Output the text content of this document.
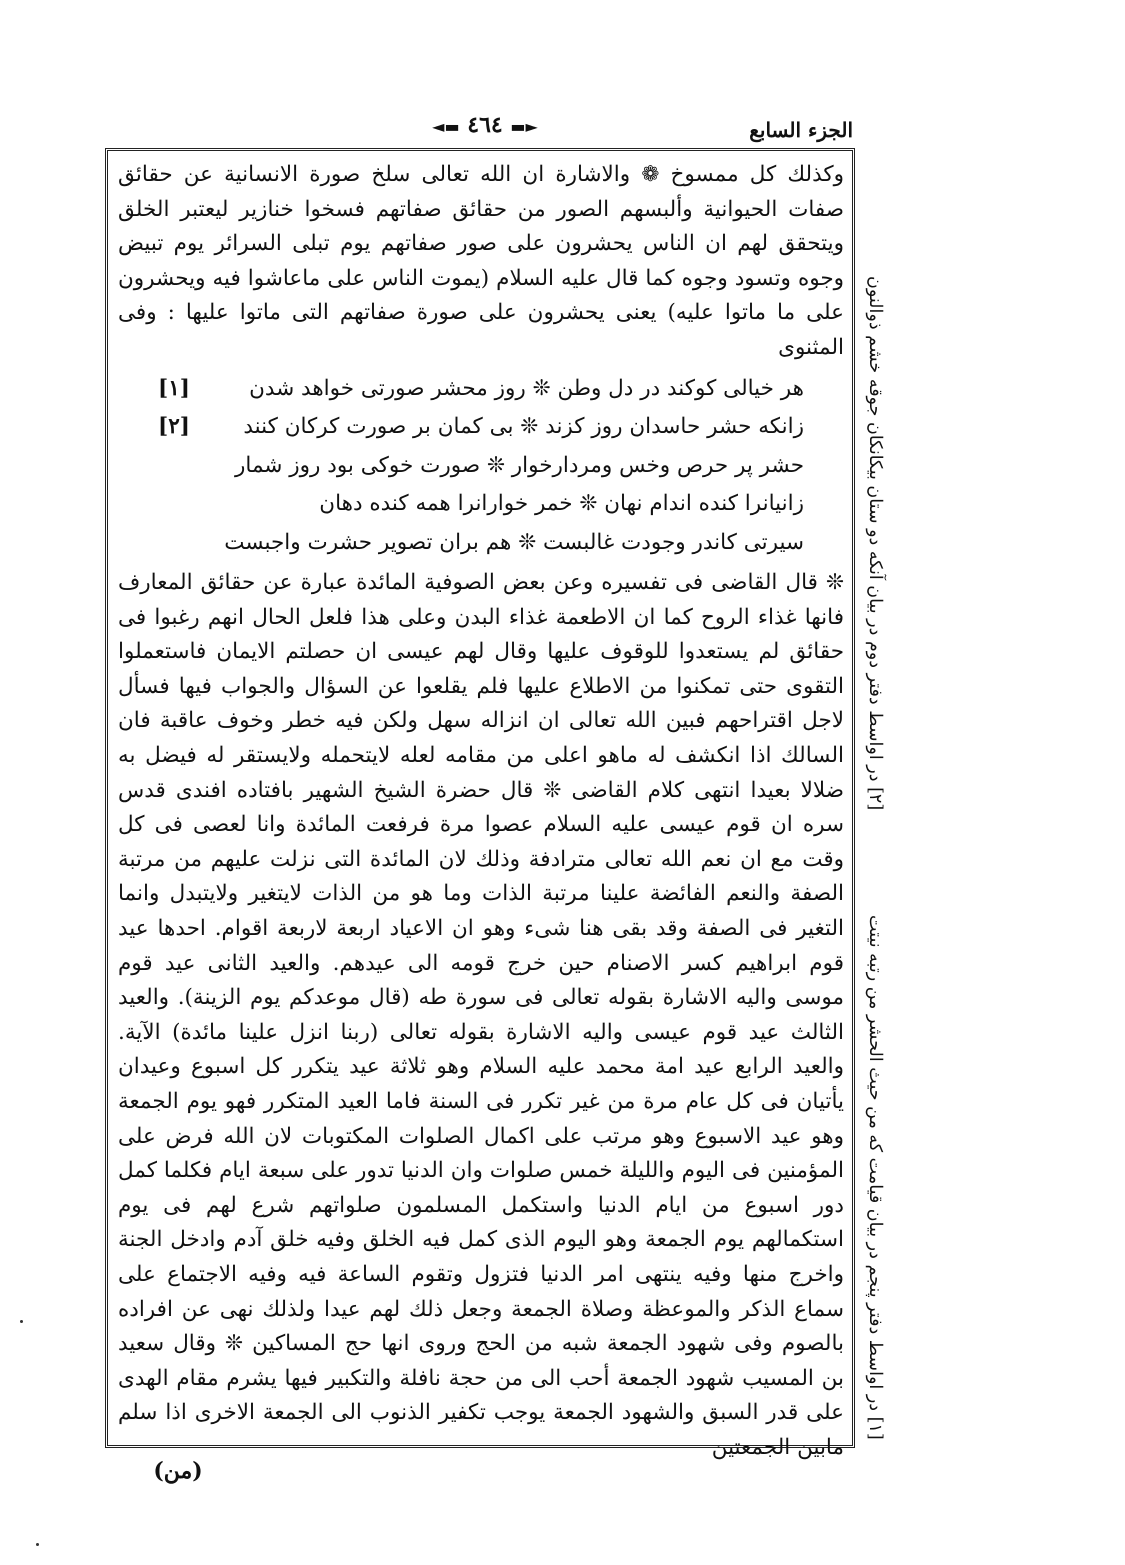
الجزء السابع
◄▬ ٤٦٤ ▬►

وكذلك كل ممسوخ ❁ والاشارة ان الله تعالى سلخ صورة الانسانية عن حقائق صفات الحيوانية وألبسهم الصور من حقائق صفاتهم فسخوا خنازير ليعتبر الخلق ويتحقق لهم ان الناس يحشرون على صور صفاتهم يوم تبلى السرائر يوم تبيض وجوه وتسود وجوه كما قال عليه السلام (يموت الناس على ماعاشوا فيه ويحشرون على ما ماتوا عليه) يعنى يحشرون على صورة صفاتهم التى ماتوا عليها : وفى المثنوى

هر خيالى كوكند در دل وطن ❊ روز محشر صورتى خواهد شدن
[١]
زانكه حشر حاسدان روز كزند ❊ بى كمان بر صورت كركان كنند
[٢]
حشر پر حرص وخس ومردارخوار ❊ صورت خوكى بود روز شمار
زانيانرا كنده اندام نهان ❊ خمر خوارانرا همه كنده دهان
سيرتى كاندر وجودت غالبست ❊ هم بران تصوير حشرت واجبست

❊ قال القاضى فى تفسيره وعن بعض الصوفية المائدة عبارة عن حقائق المعارف فانها غذاء الروح كما ان الاطعمة غذاء البدن وعلى هذا فلعل الحال انهم رغبوا فى حقائق لم يستعدوا للوقوف عليها وقال لهم عيسى ان حصلتم الايمان فاستعملوا التقوى حتى تمكنوا من الاطلاع عليها فلم يقلعوا عن السؤال والجواب فيها فسأل لاجل اقتراحهم فبين الله تعالى ان انزاله سهل ولكن فيه خطر وخوف عاقبة فان السالك اذا انكشف له ماهو اعلى من مقامه لعله لايتحمله ولايستقر له فيضل به ضلالا بعيدا انتهى كلام القاضى ❊ قال حضرة الشيخ الشهير بافتاده افندى قدس سره ان قوم عيسى عليه السلام عصوا مرة فرفعت المائدة وانا لعصى فى كل وقت مع ان نعم الله تعالى مترادفة وذلك لان المائدة التى نزلت عليهم من مرتبة الصفة والنعم الفائضة علينا مرتبة الذات وما هو من الذات لايتغير ولايتبدل وانما التغير فى الصفة وقد بقى هنا شىء وهو ان الاعياد اربعة لاربعة اقوام. احدها عيد قوم ابراهيم كسر الاصنام حين خرج قومه الى عيدهم. والعيد الثانى عيد قوم موسى واليه الاشارة بقوله تعالى فى سورة طه (قال موعدكم يوم الزينة). والعيد الثالث عيد قوم عيسى واليه الاشارة بقوله تعالى (ربنا انزل علينا مائدة) الآية. والعيد الرابع عيد امة محمد عليه السلام وهو ثلاثة عيد يتكرر كل اسبوع وعيدان يأتيان فى كل عام مرة من غير تكرر فى السنة فاما العيد المتكرر فهو يوم الجمعة وهو عيد الاسبوع وهو مرتب على اكمال الصلوات المكتوبات لان الله فرض على المؤمنين فى اليوم والليلة خمس صلوات وان الدنيا تدور على سبعة ايام فكلما كمل دور اسبوع من ايام الدنيا واستكمل المسلمون صلواتهم شرع لهم فى يوم استكمالهم يوم الجمعة وهو اليوم الذى كمل فيه الخلق وفيه خلق آدم وادخل الجنة واخرج منها وفيه ينتهى امر الدنيا فتزول وتقوم الساعة فيه وفيه الاجتماع على سماع الذكر والموعظة وصلاة الجمعة وجعل ذلك لهم عيدا ولذلك نهى عن افراده بالصوم وفى شهود الجمعة شبه من الحج وروى انها حج المساكين ❊ وقال سعيد بن المسيب شهود الجمعة أحب الى من حجة نافلة والتكبير فيها يشرم مقام الهدى على قدر السبق والشهود الجمعة يوجب تكفير الذنوب الى الجمعة الاخرى اذا سلم مابين الجمعتين

[٢] در اواسط دفتر دوم در بيان آنكه دو ستان بيكانكان جوقه خشم ذوالنون
[١] در اواسط دفتر پنجم در بيان قيامت كه من حيث الحشر من رتبه نيتت
(من)
